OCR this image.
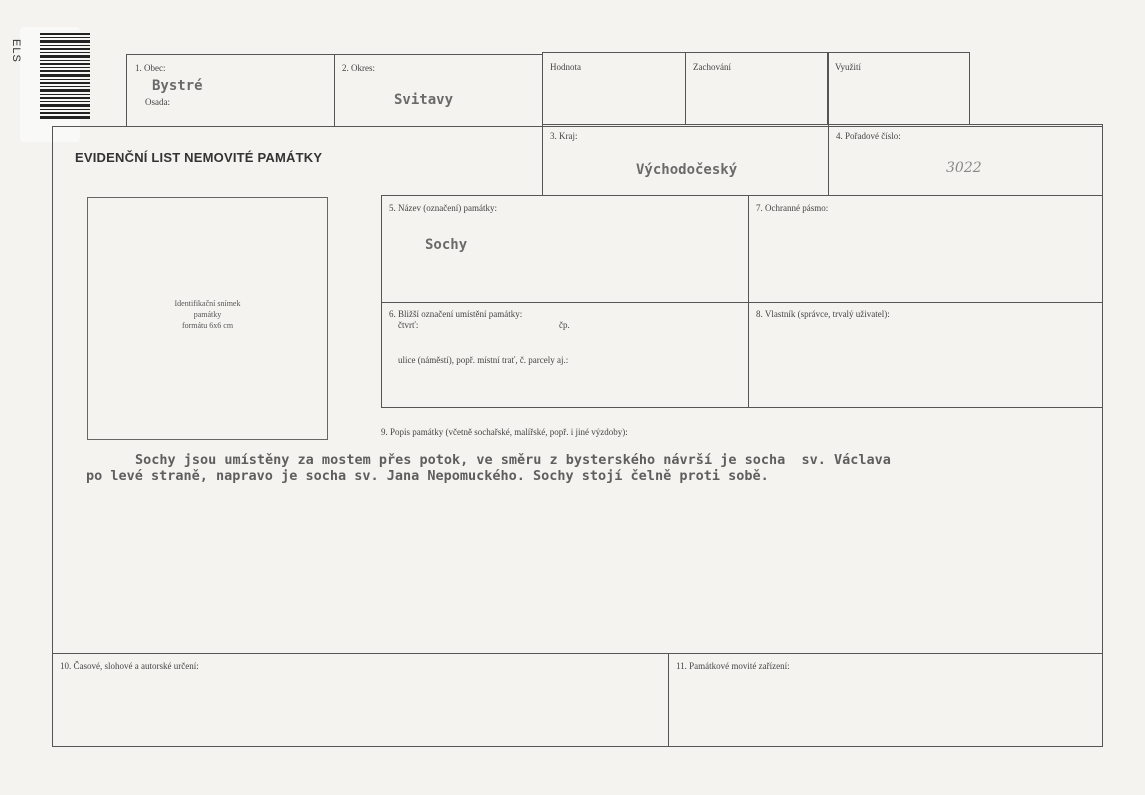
ELS
1. Obec:
Bystré
Osada:
2. Okres:
Svitavy
Hodnota	Zachování	Využití
EVIDENČNÍ LIST NEMOVITÉ PAMÁTKY
3. Kraj:
Východočeský
4. Pořadové číslo:
3022
Identifikační snímek
památky
formátu 6x6 cm
5. Název (označení) památky:
Sochy
7. Ochranné pásmo:
6. Bližší označení umístění památky:
čtvrť:	čp.
ulice (náměstí), popř. místní trať, č. parcely aj.:
8. Vlastník (správce, trvalý uživatel):
9. Popis památky (včetně sochařské, malířské, popř. i jiné výzdoby):
Sochy jsou umístěny za mostem přes potok, ve směru z bysterského návrší je socha  sv. Václava
po levé straně, napravo je socha sv. Jana Nepomuckého. Sochy stojí čelně proti sobě.
10. Časové, slohové a autorské určení:	11. Památkové movité zařízení:
